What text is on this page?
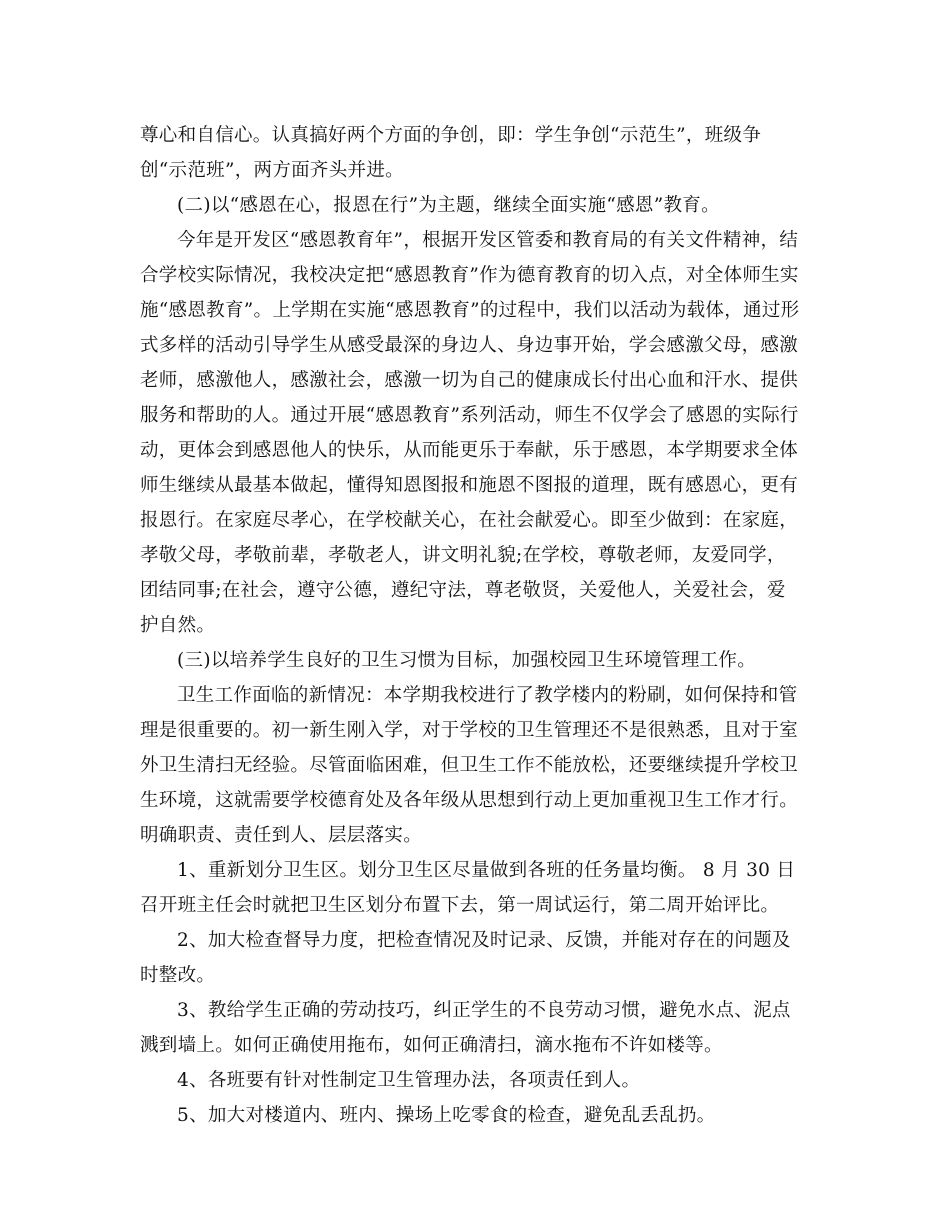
尊心和自信心。认真搞好两个方面的争创，即：学生争创“示范生”，班级争创“示范班”，两方面齐头并进。

(二)以“感恩在心，报恩在行”为主题，继续全面实施“感恩”教育。

今年是开发区“感恩教育年”，根据开发区管委和教育局的有关文件精神，结合学校实际情况，我校决定把“感恩教育”作为德育教育的切入点，对全体师生实施“感恩教育”。上学期在实施“感恩教育”的过程中，我们以活动为载体，通过形式多样的活动引导学生从感受最深的身边人、身边事开始，学会感激父母，感激老师，感激他人，感激社会，感激一切为自己的健康成长付出心血和汗水、提供服务和帮助的人。通过开展“感恩教育”系列活动，师生不仅学会了感恩的实际行动，更体会到感恩他人的快乐，从而能更乐于奉献，乐于感恩，本学期要求全体师生继续从最基本做起，懂得知恩图报和施恩不图报的道理，既有感恩心，更有报恩行。在家庭尽孝心，在学校献关心，在社会献爱心。即至少做到：在家庭，孝敬父母，孝敬前辈，孝敬老人，讲文明礼貌;在学校，尊敬老师，友爱同学，团结同事;在社会，遵守公德，遵纪守法，尊老敬贤，关爱他人，关爱社会，爱护自然。

(三)以培养学生良好的卫生习惯为目标，加强校园卫生环境管理工作。

卫生工作面临的新情况：本学期我校进行了教学楼内的粉刷，如何保持和管理是很重要的。初一新生刚入学，对于学校的卫生管理还不是很熟悉，且对于室外卫生清扫无经验。尽管面临困难，但卫生工作不能放松，还要继续提升学校卫生环境，这就需要学校德育处及各年级从思想到行动上更加重视卫生工作才行。明确职责、责任到人、层层落实。

1、重新划分卫生区。划分卫生区尽量做到各班的任务量均衡。 8 月 30 日召开班主任会时就把卫生区划分布置下去，第一周试运行，第二周开始评比。

2、加大检查督导力度，把检查情况及时记录、反馈，并能对存在的问题及时整改。

3、教给学生正确的劳动技巧，纠正学生的不良劳动习惯，避免水点、泥点溅到墙上。如何正确使用拖布，如何正确清扫，滴水拖布不许如楼等。

4、各班要有针对性制定卫生管理办法，各项责任到人。

5、加大对楼道内、班内、操场上吃零食的检查，避免乱丢乱扔。
